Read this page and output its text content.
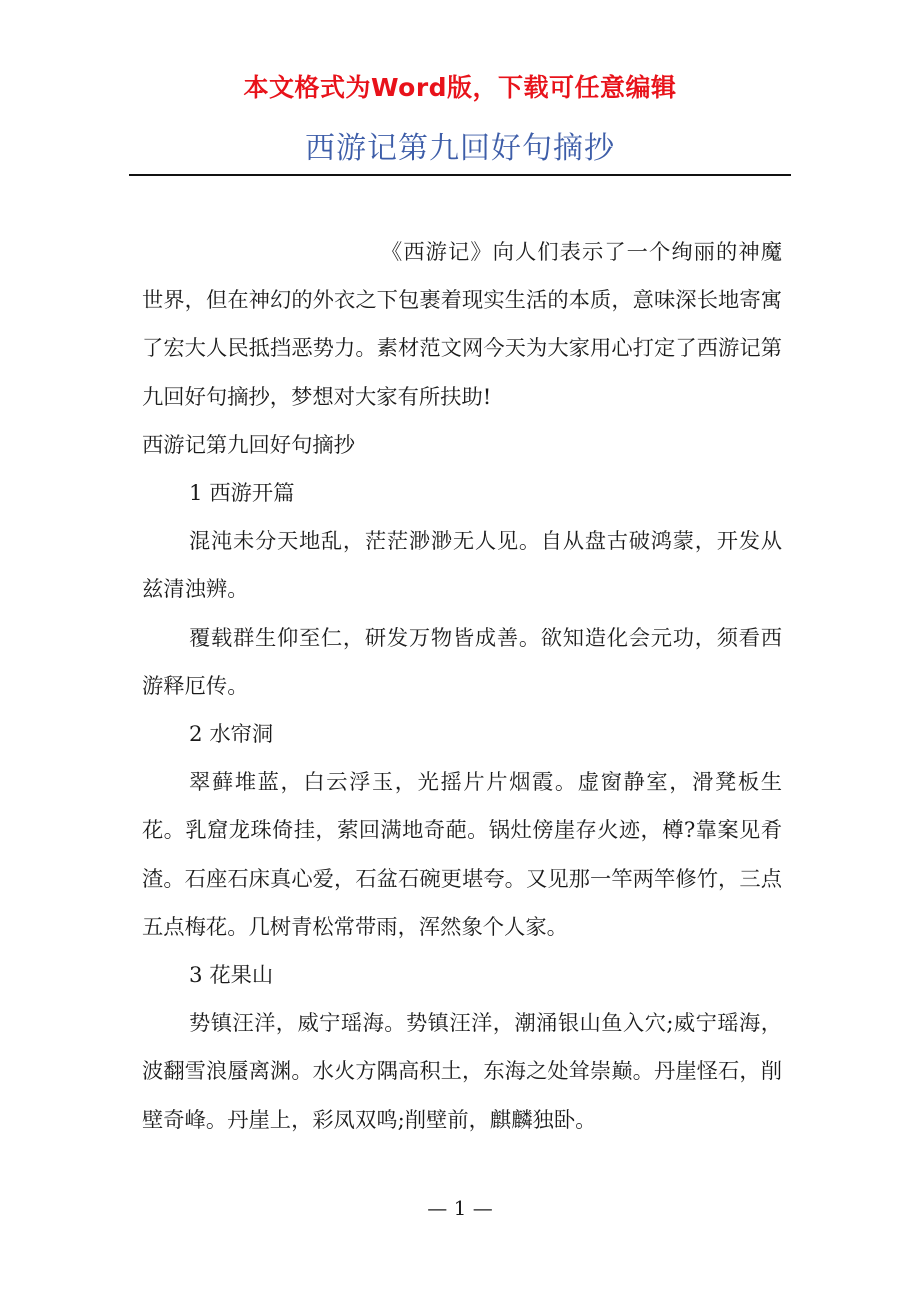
本文格式为Word版，下载可任意编辑
西游记第九回好句摘抄

《西游记》向人们表示了一个绚丽的神魔世界，但在神幻的外衣之下包裹着现实生活的本质，意味深长地寄寓了宏大人民抵挡恶势力。素材范文网今天为大家用心打定了西游记第九回好句摘抄，梦想对大家有所扶助!

西游记第九回好句摘抄

1 西游开篇

混沌未分天地乱，茫茫渺渺无人见。自从盘古破鸿蒙，开发从兹清浊辨。

覆载群生仰至仁，研发万物皆成善。欲知造化会元功，须看西游释厄传。

2 水帘洞

翠藓堆蓝，白云浮玉，光摇片片烟霞。虚窗静室，滑凳板生花。乳窟龙珠倚挂，萦回满地奇葩。锅灶傍崖存火迹，樽?靠案见肴渣。石座石床真心爱，石盆石碗更堪夸。又见那一竿两竿修竹，三点五点梅花。几树青松常带雨，浑然象个人家。

3 花果山

势镇汪洋，威宁瑶海。势镇汪洋，潮涌银山鱼入穴;威宁瑶海，波翻雪浪蜃离渊。水火方隅高积土，东海之处耸崇巅。丹崖怪石，削壁奇峰。丹崖上，彩凤双鸣;削壁前，麒麟独卧。

— 1 —
